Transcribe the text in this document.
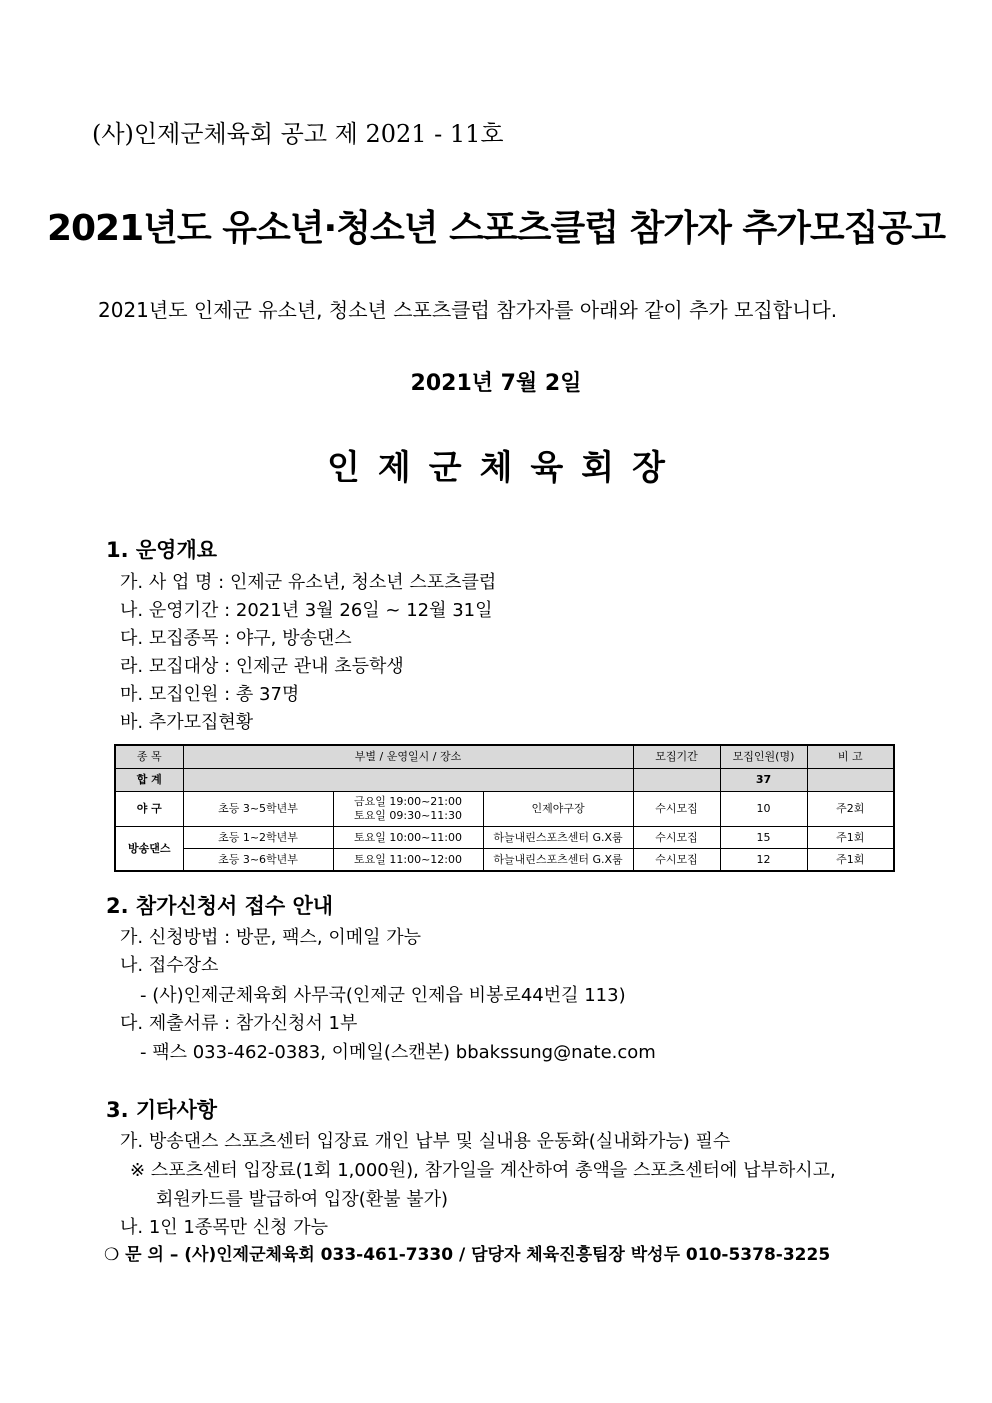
(사)인제군체육회 공고 제 2021 - 11호
2021년도 유소년·청소년 스포츠클럽 참가자 추가모집공고
2021년도 인제군 유소년, 청소년 스포츠클럽 참가자를 아래와 같이 추가 모집합니다.
2021년 7월 2일
인제군체육회장
1. 운영개요
가. 사 업 명 : 인제군 유소년, 청소년 스포츠클럽
나. 운영기간 : 2021년 3월 26일 ~ 12월 31일
다. 모집종목 : 야구, 방송댄스
라. 모집대상 : 인제군 관내 초등학생
마. 모집인원 : 총 37명
바. 추가모집현황
종 목	부별 / 운영일시 / 장소			모집기간	모집인원(명)	비 고
합 계					37	
야 구	초등 3~5학년부	금요일 19:00~21:00
토요일 09:30~11:30	인제야구장	수시모집	10	주2회
방송댄스	초등 1~2학년부	토요일 10:00~11:00	하늘내린스포츠센터 G.X룸	수시모집	15	주1회
	초등 3~6학년부	토요일 11:00~12:00	하늘내린스포츠센터 G.X룸	수시모집	12	주1회
2. 참가신청서 접수 안내
가. 신청방법 : 방문, 팩스, 이메일 가능
나. 접수장소
- (사)인제군체육회 사무국(인제군 인제읍 비봉로44번길 113)
다. 제출서류 : 참가신청서 1부
- 팩스 033-462-0383, 이메일(스캔본) bbakssung@nate.com
3. 기타사항
가. 방송댄스 스포츠센터 입장료 개인 납부 및 실내용 운동화(실내화가능) 필수
※ 스포츠센터 입장료(1회 1,000원), 참가일을 계산하여 총액을 스포츠센터에 납부하시고,
회원카드를 발급하여 입장(환불 불가)
나. 1인 1종목만 신청 가능
❍ 문 의 – (사)인제군체육회 033-461-7330 / 담당자 체육진흥팀장 박성두 010-5378-3225
